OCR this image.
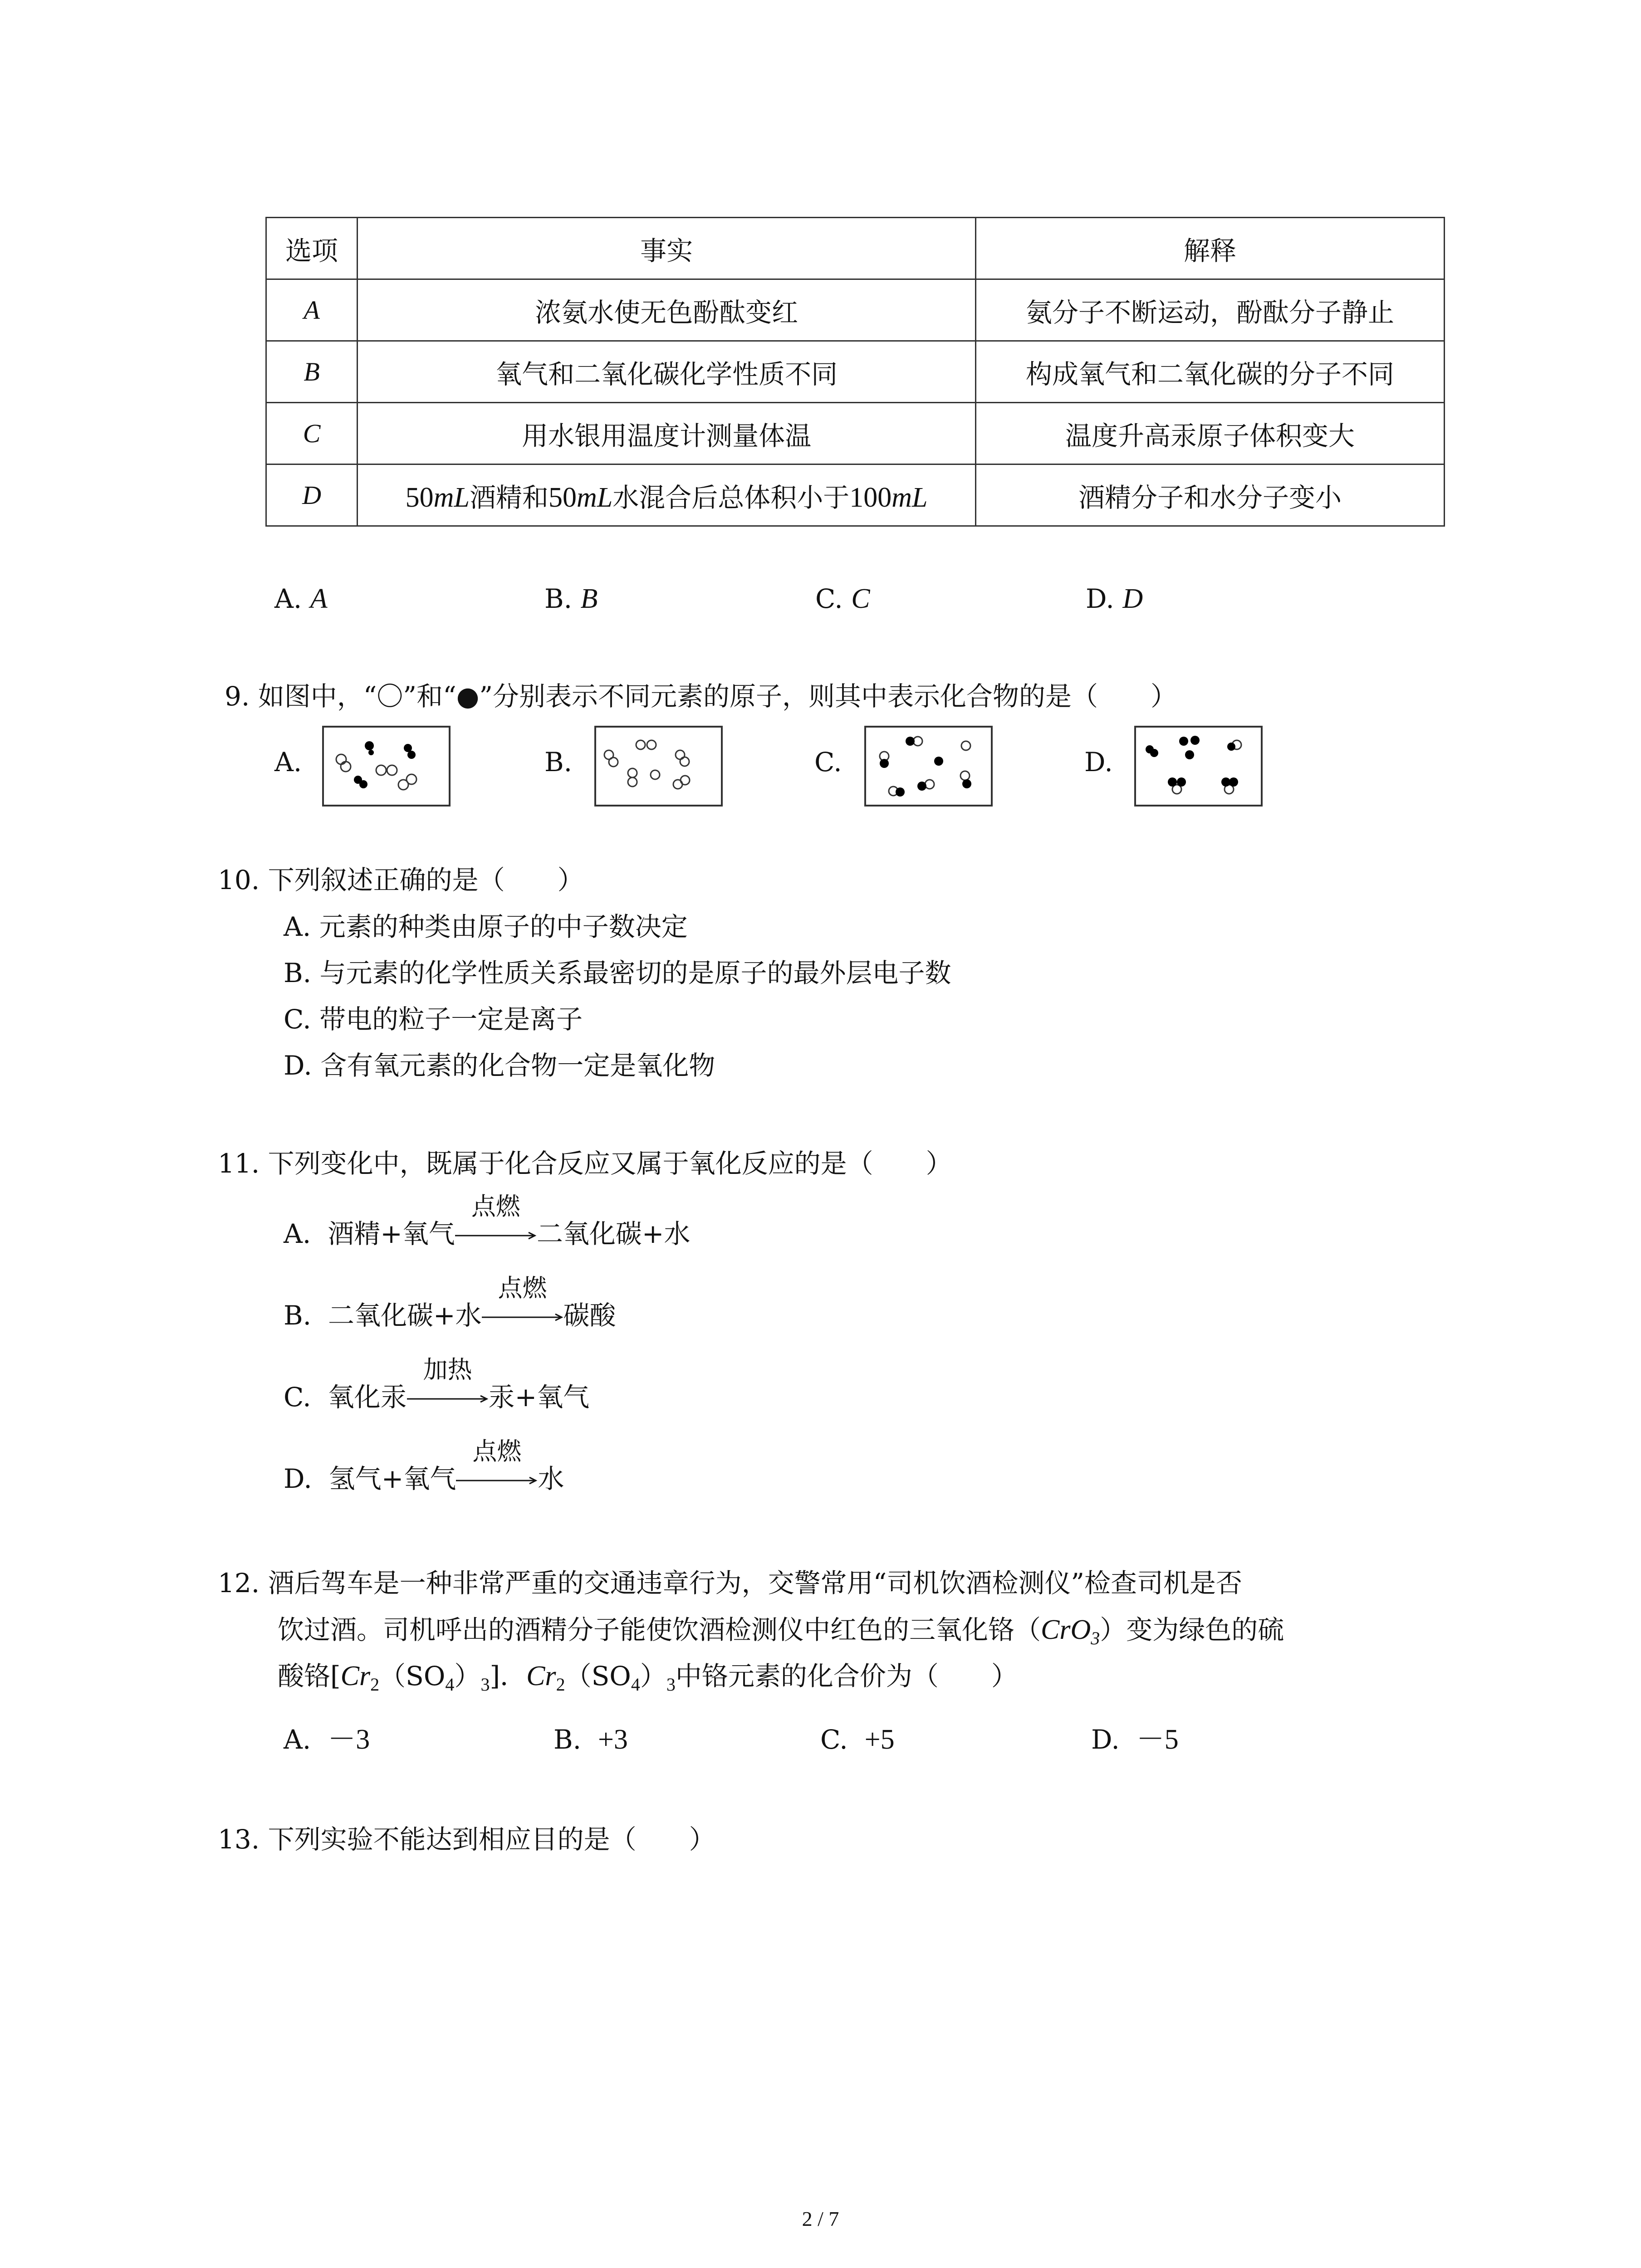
选项	事实	解释
A	浓氨水使无色酚酞变红	氨分子不断运动，酚酞分子静止
B	氧气和二氧化碳化学性质不同	构成氧气和二氧化碳的分子不同
C	用水银用温度计测量体温	温度升高汞原子体积变大
D	50mL酒精和50mL水混合后总体积小于100mL	酒精分子和水分子变小
A. A	B. B	C. C	D. D
9. 如图中，“〇”和“●”分别表示不同元素的原子，则其中表示化合物的是（　　）
A.	B.	C.	D.
10. 下列叙述正确的是（　　）
A. 元素的种类由原子的中子数决定
B. 与元素的化学性质关系最密切的是原子的最外层电子数
C. 带电的粒子一定是离子
D. 含有氧元素的化合物一定是氧化物
11. 下列变化中，既属于化合反应又属于氧化反应的是（　　）
A. 酒精+氧气
点燃
二氧化碳+水
B. 二氧化碳+水
点燃
碳酸
C. 氧化汞
加热
汞+氧气
D. 氢气+氧气
点燃
水
12. 酒后驾车是一种非常严重的交通违章行为，交警常用“司机饮酒检测仪”检查司机是否
饮过酒。司机呼出的酒精分子能使饮酒检测仪中红色的三氧化铬（CrO$_3$）变为绿色的硫
酸铬$[Cr_2(SO_4)_3]$．$Cr_2(SO_4)_3$中铬元素的化合价为（　　）
A. －3	B. +3	C. +5	D. －5
13. 下列实验不能达到相应目的是（　　）
2 / 7
